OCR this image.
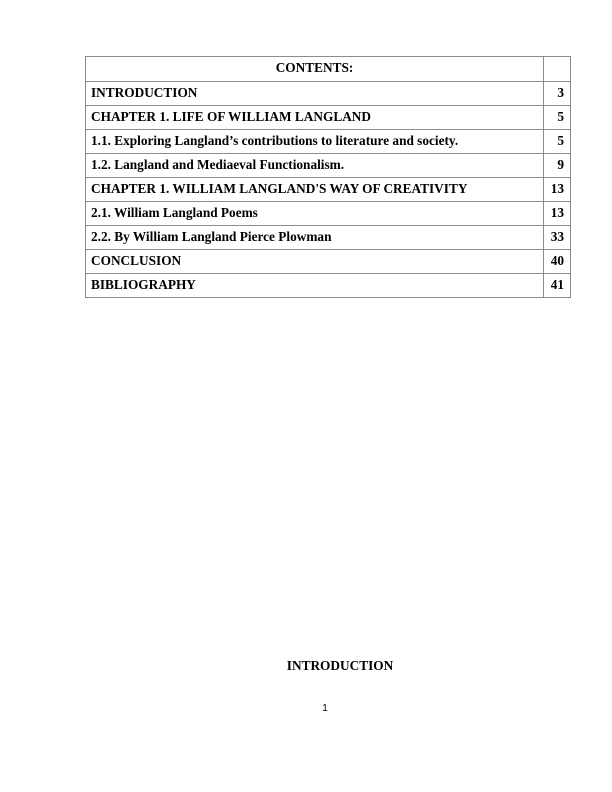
CONTENTS:	
INTRODUCTION	3
CHAPTER 1. LIFE OF WILLIAM LANGLAND	5
1.1. Exploring Langland’s contributions to literature and society.	5
1.2. Langland and Mediaeval Functionalism.	9
CHAPTER 1. WILLIAM LANGLAND'S WAY OF CREATIVITY	13
2.1. William Langland Poems	13
2.2. By William Langland Pierce Plowman	33
CONCLUSION	40
BIBLIOGRAPHY	41
INTRODUCTION
1
